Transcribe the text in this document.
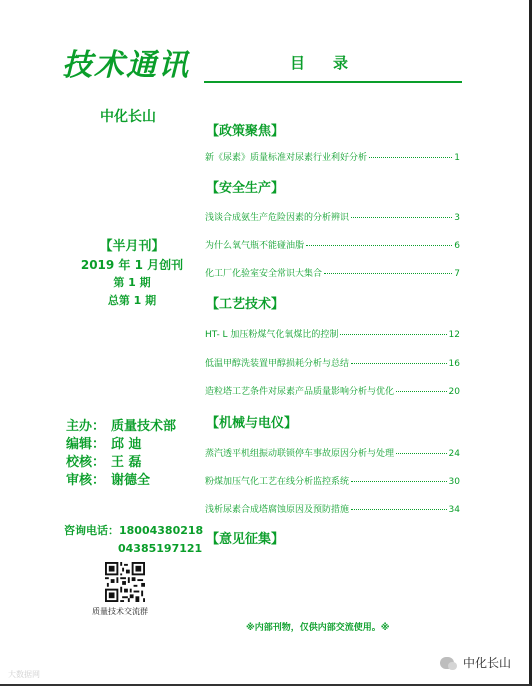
技术通讯
中化长山
【半月刊】
2019 年 1 月创刊
第 1 期
总第 1 期
主办： 质量技术部
编辑： 邱 迪
校核： 王 磊
审核： 谢德全
咨询电话：18004380218
04385197121
质量技术交流群
目录
【政策聚焦】
新《尿素》质量标准对尿素行业利好分析	1
【安全生产】
浅谈合成氨生产危险因素的分析辨识	3
为什么氧气瓶不能碰油脂	6
化工厂化验室安全常识大集合	7
【工艺技术】
HT- L 加压粉煤气化氧煤比的控制	12
低温甲醇洗装置甲醇损耗分析与总结	16
造粒塔工艺条件对尿素产品质量影响分析与优化	20
【机械与电仪】
蒸汽透平机组振动联锁停车事故原因分析与处理	24
粉煤加压气化工艺在线分析监控系统	30
浅析尿素合成塔腐蚀原因及预防措施	34
【意见征集】
※内部刊物，仅供内部交流使用。※
大数据网
中化长山
